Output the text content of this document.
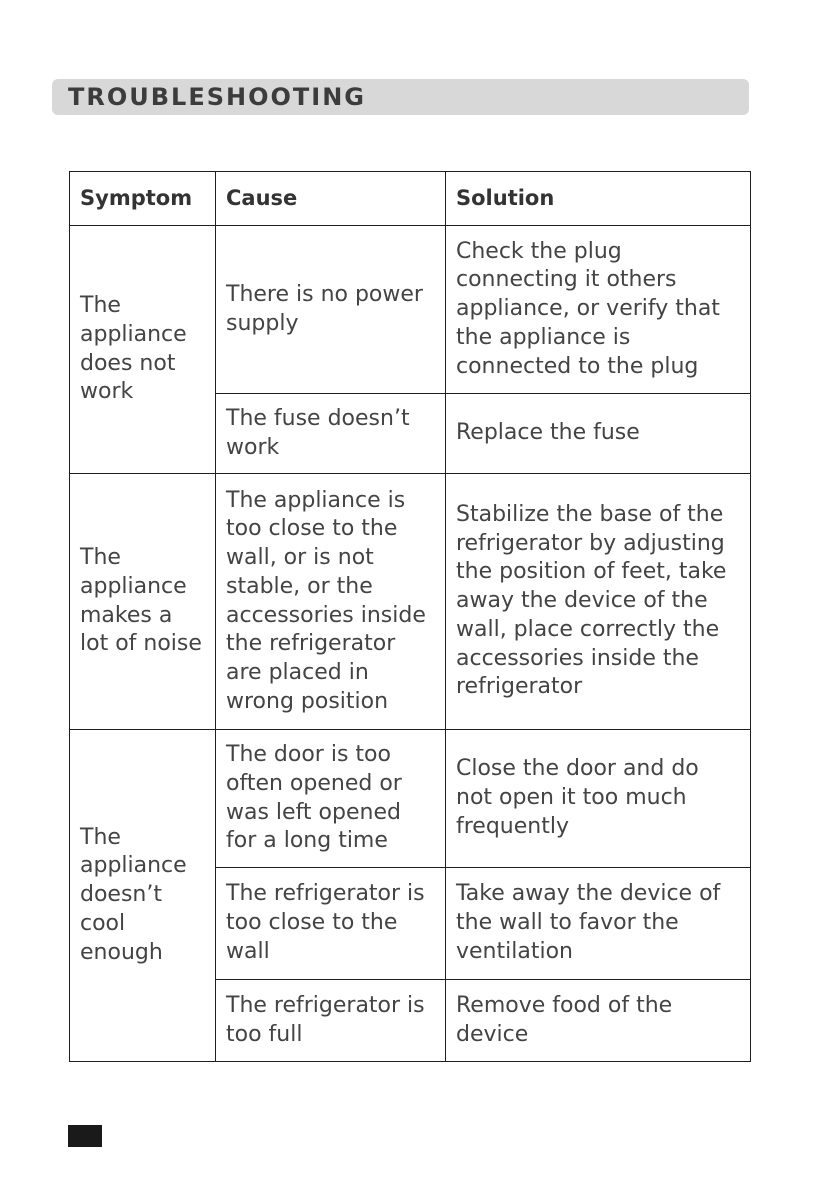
TROUBLESHOOTING
Symptom	Cause	Solution
The appliance does not work	There is no power supply	Check the plug connecting it others appliance, or verify that the appliance is connected to the plug
	The fuse doesn’t work	Replace the fuse
The appliance makes a lot of noise	The appliance is too close to the wall, or is not stable, or the accessories inside the refrigerator are placed in wrong position	Stabilize the base of the refrigerator by adjusting the position of feet, take away the device of the wall, place correctly the accessories inside the refrigerator
The appliance doesn’t cool enough	The door is too often opened or was left opened for a long time	Close the door and do not open it too much frequently
	The refrigerator is too close to the wall	Take away the device of the wall to favor the ventilation
	The refrigerator is too full	Remove food of the device
